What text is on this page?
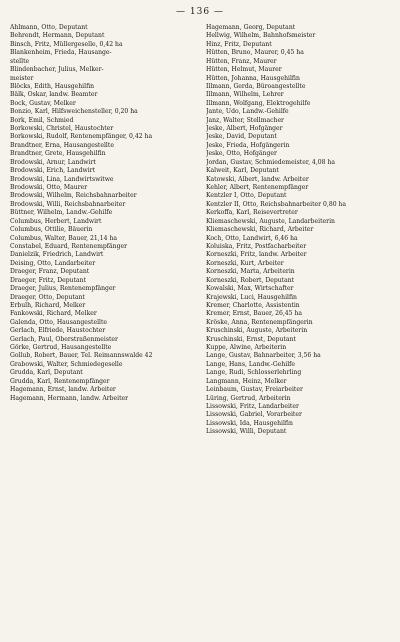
— 136 —
Ahlmann, Otto, Deputant
Behrendt, Hermann, Deputant
Binsch, Fritz, Müllergeselle, 0,42 ha
Blankenheim, Frieda, Hausange-
stellte
Blindenbacher, Julius, Melker-
meister
Blöcks, Edith, Hausgehilfin
Bälk, Oskar, landw. Beamter
Bock, Gustav, Melker
Bonzio, Karl, Hilfsweichensteller, 0,20 ha
Bork, Emil, Schmied
Borkowski, Christel, Haustochter
Borkowski, Rudolf, Rentenempfänger, 0,42 ha
Brandtner, Erna, Hausangestellte
Brandtner, Grete, Hausgehilfin
Brodowski, Arnur, Landwirt
Brodowski, Erich, Landwirt
Brodowski, Lina, Landwirtswitwe
Brodowski, Otto, Maurer
Brodowski, Wilhelm, Reichsbahnarbeiter
Brodowski, Willi, Reichsbahnarbeiter
Büttner, Wilhelm, Landw.-Gehilfe
Columbus, Herbert, Landwirt
Columbus, Ottilie, Bäuerin
Columbus, Walter, Bauer, 21,14 ha
Constabel, Eduard, Rentenempfänger
Danielzik, Friedrich, Landwirt
Deising, Otto, Landarbeiter
Draeger, Franz, Deputant
Draeger, Fritz, Deputant
Draeger, Julius, Rentenempfänger
Draeger, Otto, Deputant
Erbulh, Richard, Melker
Fankowski, Richard, Melker
Galenda, Otto, Hausangestellte
Gerlach, Elfriede, Haustochter
Gerlach, Paul, Oberstraßenmeister
Görke, Gertrud, Hausangestellte
Gollub, Robert, Bauer, Tel. Reimannswalde 42
Grabowski, Walter, Schmiedegeselle
Grudda, Karl, Deputant
Grudda, Karl, Rentenempfänger
Hagemann, Ernst, landw. Arbeiter
Hagemann, Hermann, landw. Arbeiter
Hagemann, Georg, Deputant
Hellwig, Wilhelm, Bahnhofsmeister
Hinz, Fritz, Deputant
Hütten, Bruno, Maurer, 0,45 ha
Hütten, Franz, Maurer
Hütten, Helmut, Maurer
Hütten, Johanna, Hausgehilfin
Illmann, Gerda, Büroangestellte
Illmann, Wilhelm, Lehrer
Illmann, Wolfgang, Elektrogehilfe
Jante, Udo, Landw.-Gehilfe
Janz, Walter, Stellmacher
Jeske, Albert, Hofgänger
Jeske, David, Deputant
Jeske, Frieda, Hofgängerin
Jeske, Otto, Hofgänger
Jordan, Gustav, Schmiedemeister, 4,08 ha
Kalweit, Karl, Deputant
Katowski, Albert, landw. Arbeiter
Kehler, Albert, Rentenempfänger
Kentzler I, Otto, Deputant
Kentzler II, Otto, Reichsbahnarbeiter 0,80 ha
Kerkoffa, Karl, Reisevertreter
Kliemaschewski, Auguste, Landarbeiterin
Kliemaschewski, Richard, Arbeiter
Koch, Otto, Landwirt, 6,46 ha
Koluiska, Fritz, Postfacharbeiter
Korneszki, Fritz, landw. Arbeiter
Korneszki, Kurt, Arbeiter
Korneszki, Marta, Arbeiterin
Korneszki, Robert, Deputant
Kowalski, Max, Wirtschafter
Krajewski, Luci, Hausgehilfin
Kremer, Charlotte, Assistentin
Kremer, Ernst, Bauer, 26,45 ha
Kröske, Anna, Rentenempfängerin
Kruschinski, Auguste, Arbeiterin
Kruschinski, Ernst, Deputant
Kuppe, Alwine, Arbeiterin
Lange, Gustav, Bahnarbeiter, 3,56 ha
Lange, Hans, Landw.-Gehilfe
Lange, Rudi, Schlosserlehrling
Langmann, Heinz, Melker
Leinbaum, Gustav, Freiarbeiter
Lüring, Gertrud, Arbeiterin
Lissowski, Fritz, Landarbeiter
Lissowski, Gabriel, Vorarbeiter
Lissowski, Ida, Hausgehilfin
Lissowski, Willi, Deputant
